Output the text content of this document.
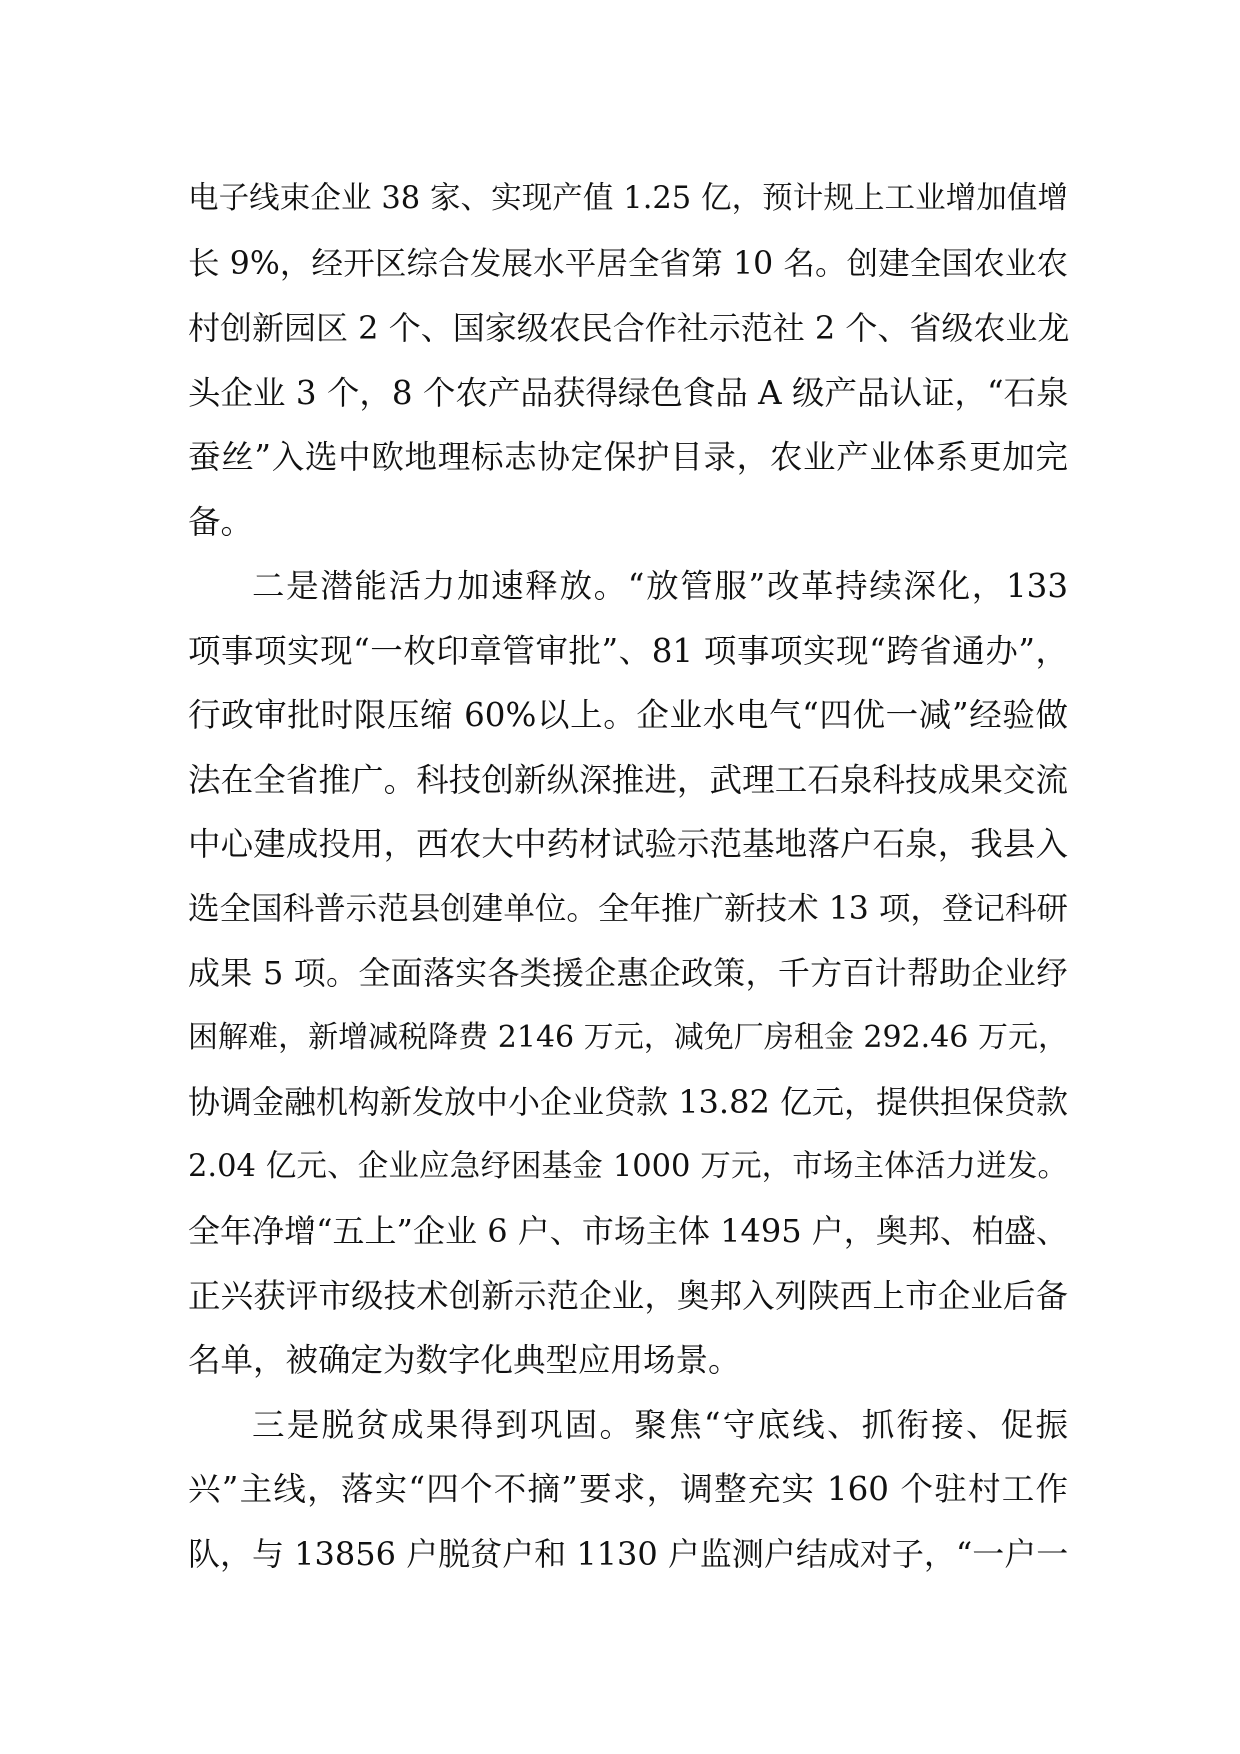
电子线束企业 38 家、实现产值 1.25 亿，预计规上工业增加值增
长 9%，经开区综合发展水平居全省第 10 名。创建全国农业农
村创新园区 2 个、国家级农民合作社示范社 2 个、省级农业龙
头企业 3 个，8 个农产品获得绿色食品 A 级产品认证，“石泉
蚕丝”入选中欧地理标志协定保护目录，农业产业体系更加完
备。
二是潜能活力加速释放。“放管服”改革持续深化，133
项事项实现“一枚印章管审批”、81 项事项实现“跨省通办”，
行政审批时限压缩 60%以上。企业水电气“四优一减”经验做
法在全省推广。科技创新纵深推进，武理工石泉科技成果交流
中心建成投用，西农大中药材试验示范基地落户石泉，我县入
选全国科普示范县创建单位。全年推广新技术 13 项，登记科研
成果 5 项。全面落实各类援企惠企政策，千方百计帮助企业纾
困解难，新增减税降费 2146 万元，减免厂房租金 292.46 万元，
协调金融机构新发放中小企业贷款 13.82 亿元，提供担保贷款
2.04 亿元、企业应急纾困基金 1000 万元，市场主体活力迸发。
全年净增“五上”企业 6 户、市场主体 1495 户，奥邦、柏盛、
正兴获评市级技术创新示范企业，奥邦入列陕西上市企业后备
名单，被确定为数字化典型应用场景。
三是脱贫成果得到巩固。聚焦“守底线、抓衔接、促振
兴”主线，落实“四个不摘”要求，调整充实 160 个驻村工作
队，与 13856 户脱贫户和 1130 户监测户结成对子，“一户一
